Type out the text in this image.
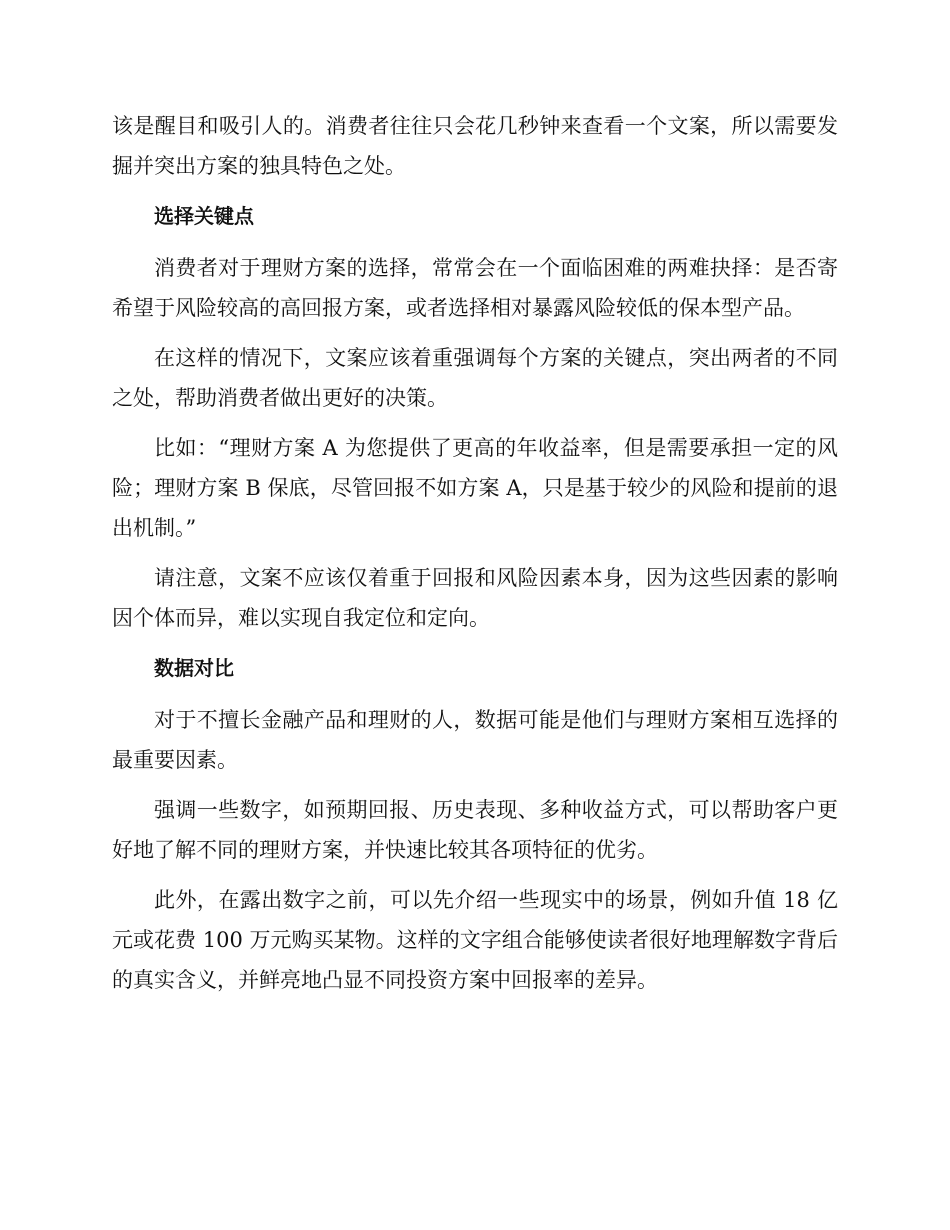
该是醒目和吸引人的。消费者往往只会花几秒钟来查看一个文案，所以需要发掘并突出方案的独具特色之处。

选择关键点

消费者对于理财方案的选择，常常会在一个面临困难的两难抉择：是否寄希望于风险较高的高回报方案，或者选择相对暴露风险较低的保本型产品。

在这样的情况下，文案应该着重强调每个方案的关键点，突出两者的不同之处，帮助消费者做出更好的决策。

比如：“理财方案 A 为您提供了更高的年收益率，但是需要承担一定的风险；理财方案 B 保底，尽管回报不如方案 A，只是基于较少的风险和提前的退出机制。”

请注意，文案不应该仅着重于回报和风险因素本身，因为这些因素的影响因个体而异，难以实现自我定位和定向。

数据对比

对于不擅长金融产品和理财的人，数据可能是他们与理财方案相互选择的最重要因素。

强调一些数字，如预期回报、历史表现、多种收益方式，可以帮助客户更好地了解不同的理财方案，并快速比较其各项特征的优劣。

此外，在露出数字之前，可以先介绍一些现实中的场景，例如升值 18 亿元或花费 100 万元购买某物。这样的文字组合能够使读者很好地理解数字背后的真实含义，并鲜亮地凸显不同投资方案中回报率的差异。
